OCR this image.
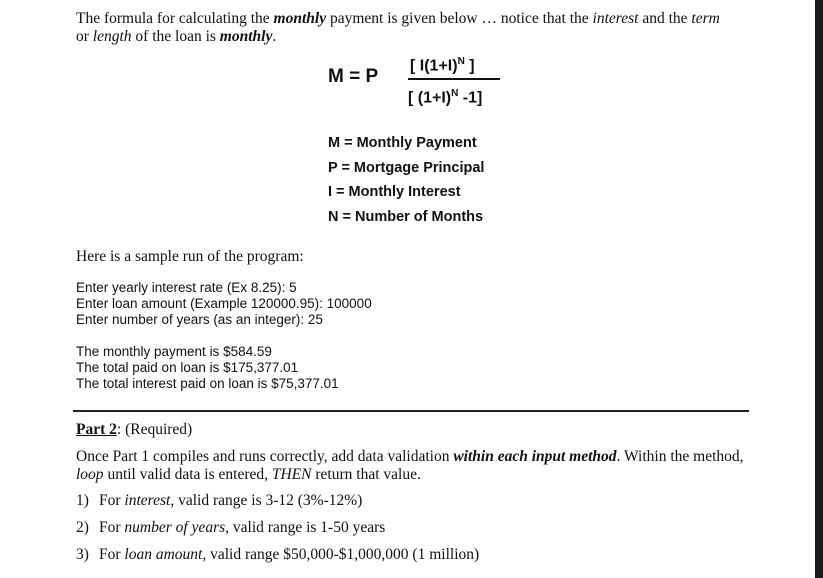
The formula for calculating the monthly payment is given below … notice that the interest and the term
or length of the loan is monthly.
M = P
[ $I(1+I)^N$ ]
[ $(1+I)^N$ -1]
M = Monthly Payment
P = Mortgage Principal
I = Monthly Interest
N = Number of Months
Here is a sample run of the program:
Enter yearly interest rate (Ex 8.25): 5
Enter loan amount (Example 120000.95): 100000
Enter number of years (as an integer): 25
The monthly payment is $584.59
The total paid on loan is $175,377.01
The total interest paid on loan is $75,377.01
Part 2: (Required)
Once Part 1 compiles and runs correctly, add data validation within each input method. Within the method, loop until valid data is entered, THEN return that value.
1) For interest, valid range is 3-12 (3%-12%)
2) For number of years, valid range is 1-50 years
3) For loan amount, valid range $50,000-$1,000,000 (1 million)
